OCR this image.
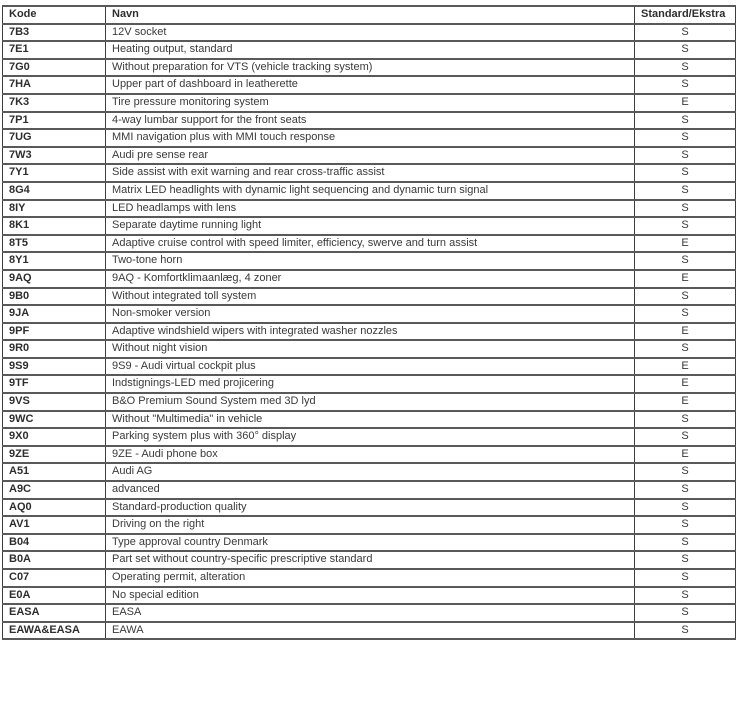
Kode	Navn	Standard/Ekstra
7B3	12V socket	S
7E1	Heating output, standard	S
7G0	Without preparation for VTS (vehicle tracking system)	S
7HA	Upper part of dashboard in leatherette	S
7K3	Tire pressure monitoring system	E
7P1	4-way lumbar support for the front seats	S
7UG	MMI navigation plus with MMI touch response	S
7W3	Audi pre sense rear	S
7Y1	Side assist with exit warning and rear cross-traffic assist	S
8G4	Matrix LED headlights with dynamic light sequencing and dynamic turn signal	S
8IY	LED headlamps with lens	S
8K1	Separate daytime running light	S
8T5	Adaptive cruise control with speed limiter, efficiency, swerve and turn assist	E
8Y1	Two-tone horn	S
9AQ	9AQ - Komfortklimaanlæg, 4 zoner	E
9B0	Without integrated toll system	S
9JA	Non-smoker version	S
9PF	Adaptive windshield wipers with integrated washer nozzles	E
9R0	Without night vision	S
9S9	9S9 - Audi virtual cockpit plus	E
9TF	Indstignings-LED med projicering	E
9VS	B&O Premium Sound System med 3D lyd	E
9WC	Without "Multimedia" in vehicle	S
9X0	Parking system plus with 360° display	S
9ZE	9ZE - Audi phone box	E
A51	Audi AG	S
A9C	advanced	S
AQ0	Standard-production quality	S
AV1	Driving on the right	S
B04	Type approval country Denmark	S
B0A	Part set without country-specific prescriptive standard	S
C07	Operating permit, alteration	S
E0A	No special edition	S
EASA	EASA	S
EAWA&EASA	EAWA	S
